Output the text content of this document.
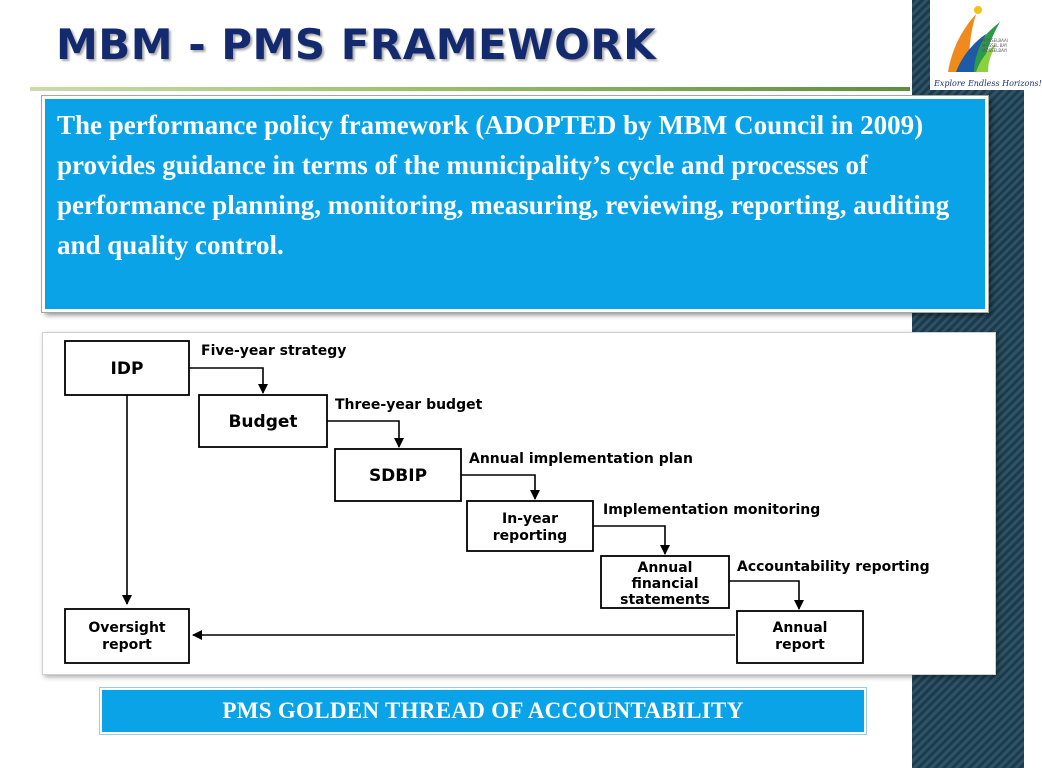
MOSSELBAAI
MOSSEL BAY
MOSSELBAYI
Explore Endless Horizons!
MBM - PMS FRAMEWORK

The performance policy framework (ADOPTED by MBM Council in 2009) provides guidance in terms of the municipality’s cycle and processes of performance planning, monitoring, measuring, reviewing, reporting, auditing and quality control.

IDP
Budget
SDBIP
In-year
reporting
Annual
financial
statements
Annual
report
Oversight
report
Five-year strategy
Three-year budget
Annual implementation plan
Implementation monitoring
Accountability reporting
PMS GOLDEN THREAD OF ACCOUNTABILITY
